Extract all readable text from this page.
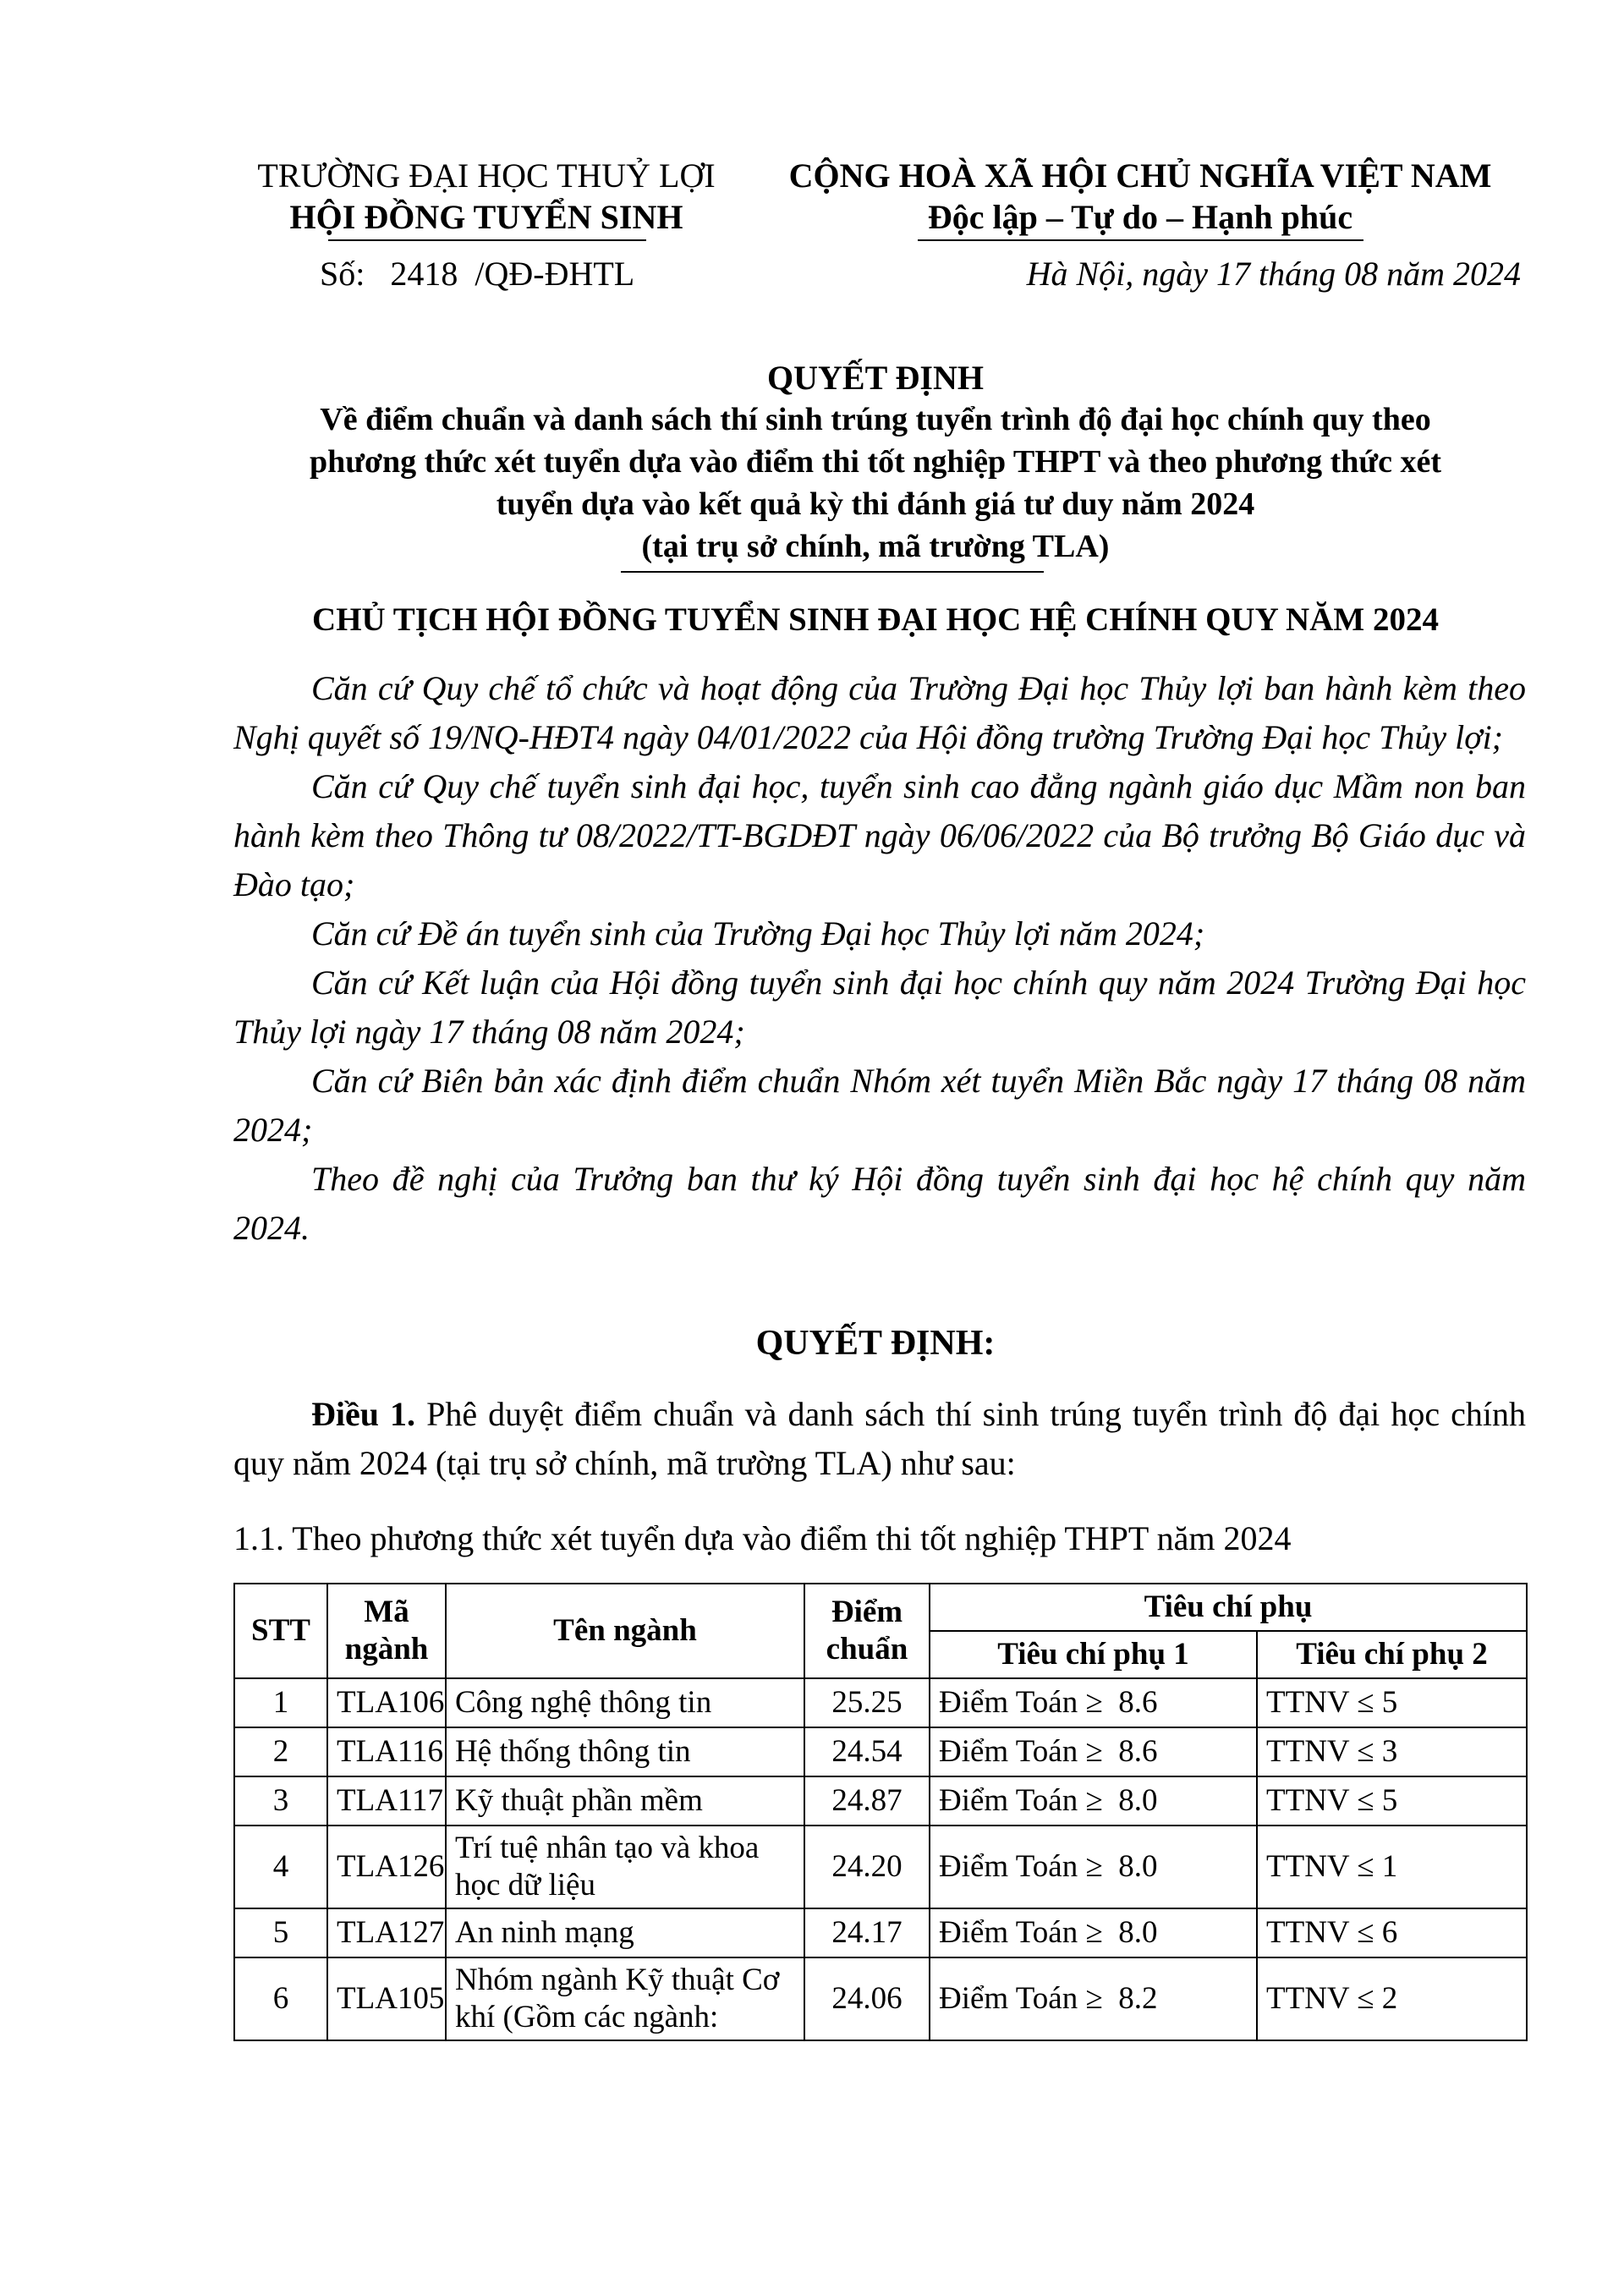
TRƯỜNG ĐẠI HỌC THUỶ LỢI
HỘI ĐỒNG TUYỂN SINH
Số:   2418  /QĐ-ĐHTL
CỘNG HOÀ XÃ HỘI CHỦ NGHĨA VIỆT NAM
Độc lập – Tự do – Hạnh phúc
Hà Nội, ngày 17 tháng 08 năm 2024
QUYẾT ĐỊNH
Về điểm chuẩn và danh sách thí sinh trúng tuyển trình độ đại học chính quy theo
phương thức xét tuyển dựa vào điểm thi tốt nghiệp THPT và theo phương thức xét
tuyển dựa vào kết quả kỳ thi đánh giá tư duy năm 2024
(tại trụ sở chính, mã trường TLA)
CHỦ TỊCH HỘI ĐỒNG TUYỂN SINH ĐẠI HỌC HỆ CHÍNH QUY NĂM 2024

Căn cứ Quy chế tổ chức và hoạt động của Trường Đại học Thủy lợi ban hành kèm theo Nghị quyết số 19/NQ-HĐT4 ngày 04/01/2022 của Hội đồng trường Trường Đại học Thủy lợi;

Căn cứ Quy chế tuyển sinh đại học, tuyển sinh cao đẳng ngành giáo dục Mầm non ban hành kèm theo Thông tư 08/2022/TT-BGDĐT ngày 06/06/2022 của Bộ trưởng Bộ Giáo dục và Đào tạo;

Căn cứ Đề án tuyển sinh của Trường Đại học Thủy lợi năm 2024;

Căn cứ Kết luận của Hội đồng tuyển sinh đại học chính quy năm 2024 Trường Đại học Thủy lợi ngày 17 tháng 08 năm 2024;

Căn cứ Biên bản xác định điểm chuẩn Nhóm xét tuyển Miền Bắc ngày 17 tháng 08 năm 2024;

Theo đề nghị của Trưởng ban thư ký Hội đồng tuyển sinh đại học hệ chính quy năm 2024.

QUYẾT ĐỊNH:
Điều 1. Phê duyệt điểm chuẩn và danh sách thí sinh trúng tuyển trình độ đại học chính quy năm 2024 (tại trụ sở chính, mã trường TLA) như sau:
1.1. Theo phương thức xét tuyển dựa vào điểm thi tốt nghiệp THPT năm 2024
STT	Mã ngành	Tên ngành	Điểm chuẩn	Tiêu chí phụ	
				Tiêu chí phụ 1	Tiêu chí phụ 2
1	TLA106	Công nghệ thông tin	25.25	Điểm Toán ≥  8.6	TTNV ≤ 5
2	TLA116	Hệ thống thông tin	24.54	Điểm Toán ≥  8.6	TTNV ≤ 3
3	TLA117	Kỹ thuật phần mềm	24.87	Điểm Toán ≥  8.0	TTNV ≤ 5
4	TLA126	Trí tuệ nhân tạo và khoa học dữ liệu	24.20	Điểm Toán ≥  8.0	TTNV ≤ 1
5	TLA127	An ninh mạng	24.17	Điểm Toán ≥  8.0	TTNV ≤ 6
6	TLA105	Nhóm ngành Kỹ thuật Cơ khí (Gồm các ngành:	24.06	Điểm Toán ≥  8.2	TTNV ≤ 2
